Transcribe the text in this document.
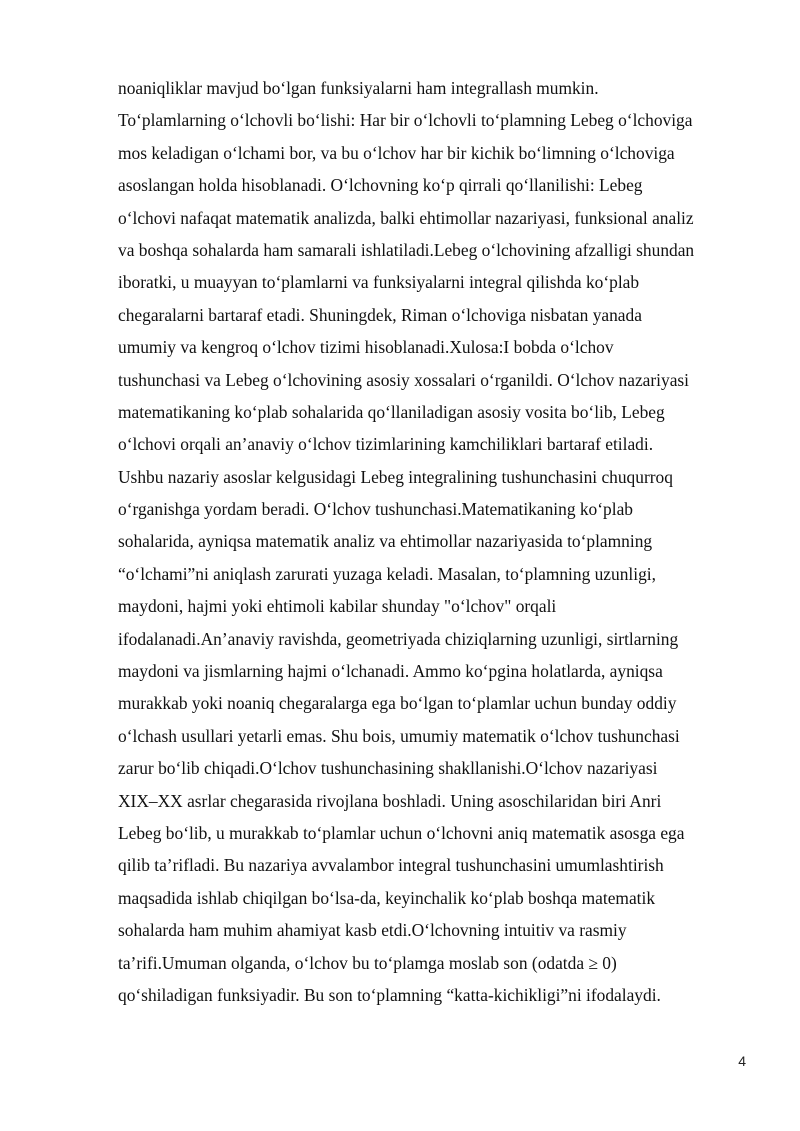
noaniqliklar mavjud bo‘lgan funksiyalarni ham integrallash mumkin.
To‘plamlarning o‘lchovli bo‘lishi: Har bir o‘lchovli to‘plamning Lebeg o‘lchoviga
mos keladigan o‘lchami bor, va bu o‘lchov har bir kichik bo‘limning o‘lchoviga
asoslangan holda hisoblanadi. O‘lchovning ko‘p qirrali qo‘llanilishi: Lebeg
o‘lchovi nafaqat matematik analizda, balki ehtimollar nazariyasi, funksional analiz
va boshqa sohalarda ham samarali ishlatiladi.Lebeg o‘lchovining afzalligi shundan
iboratki, u muayyan to‘plamlarni va funksiyalarni integral qilishda ko‘plab
chegaralarni bartaraf etadi. Shuningdek, Riman o‘lchoviga nisbatan yanada
umumiy va kengroq o‘lchov tizimi hisoblanadi.Xulosa:I bobda o‘lchov
tushunchasi va Lebeg o‘lchovining asosiy xossalari o‘rganildi. O‘lchov nazariyasi
matematikaning ko‘plab sohalarida qo‘llaniladigan asosiy vosita bo‘lib, Lebeg
o‘lchovi orqali an’anaviy o‘lchov tizimlarining kamchiliklari bartaraf etiladi.
Ushbu nazariy asoslar kelgusidagi Lebeg integralining tushunchasini chuqurroq
o‘rganishga yordam beradi. O‘lchov tushunchasi.Matematikaning ko‘plab
sohalarida, ayniqsa matematik analiz va ehtimollar nazariyasida to‘plamning
“o‘lchami”ni aniqlash zarurati yuzaga keladi. Masalan, to‘plamning uzunligi,
maydoni, hajmi yoki ehtimoli kabilar shunday "o‘lchov" orqali
ifodalanadi.An’anaviy ravishda, geometriyada chiziqlarning uzunligi, sirtlarning
maydoni va jismlarning hajmi o‘lchanadi. Ammo ko‘pgina holatlarda, ayniqsa
murakkab yoki noaniq chegaralarga ega bo‘lgan to‘plamlar uchun bunday oddiy
o‘lchash usullari yetarli emas. Shu bois, umumiy matematik o‘lchov tushunchasi
zarur bo‘lib chiqadi.O‘lchov tushunchasining shakllanishi.O‘lchov nazariyasi
XIX–XX asrlar chegarasida rivojlana boshladi. Uning asoschilaridan biri Anri
Lebeg bo‘lib, u murakkab to‘plamlar uchun o‘lchovni aniq matematik asosga ega
qilib ta’rifladi. Bu nazariya avvalambor integral tushunchasini umumlashtirish
maqsadida ishlab chiqilgan bo‘lsa-da, keyinchalik ko‘plab boshqa matematik
sohalarda ham muhim ahamiyat kasb etdi.O‘lchovning intuitiv va rasmiy
ta’rifi.Umuman olganda, o‘lchov bu to‘plamga moslab son (odatda ≥ 0)
qo‘shiladigan funksiyadir. Bu son to‘plamning “katta-kichikligi”ni ifodalaydi.
4
